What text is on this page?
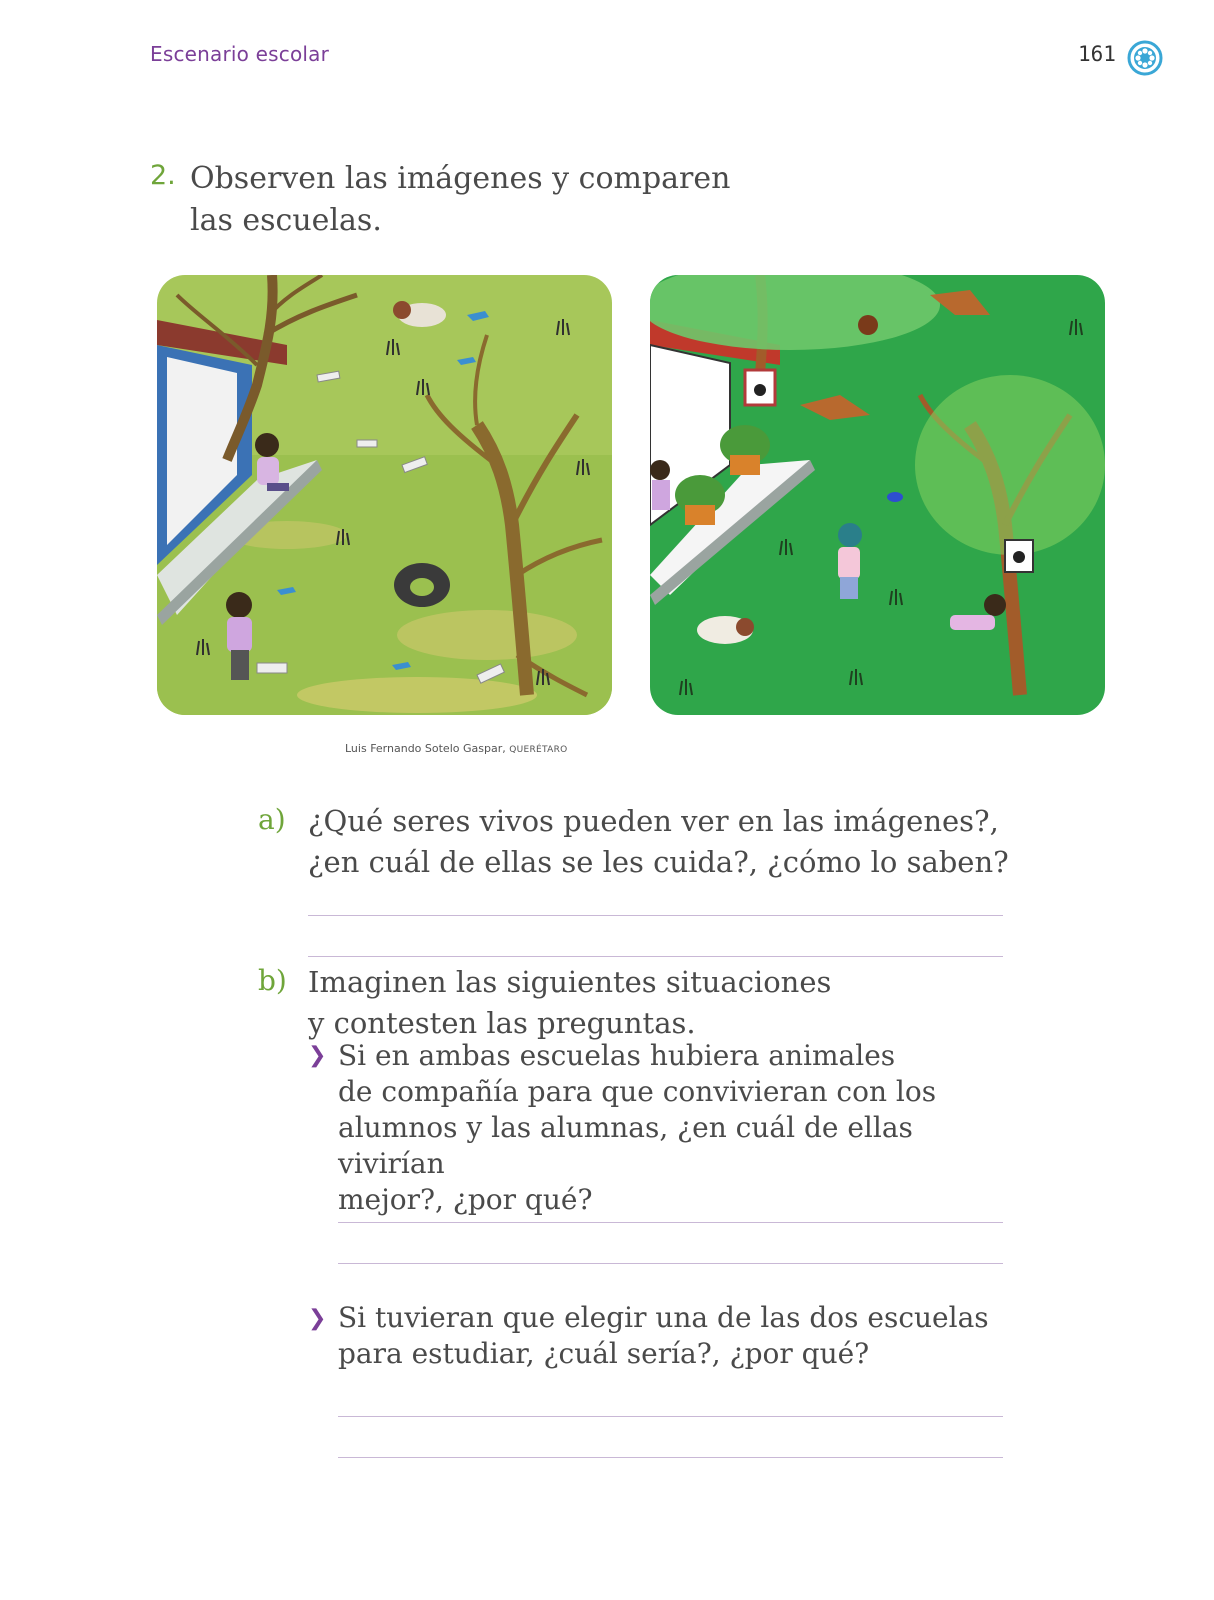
Escenario escolar	161
2. Observen las imágenes y comparen
las escuelas.
Luis Fernando Sotelo Gaspar, QUERÉTARO
a) ¿Qué seres vivos pueden ver en las imágenes?,
¿en cuál de ellas se les cuida?, ¿cómo lo saben?
b) Imaginen las siguientes situaciones
y contesten las preguntas.
❯ Si en ambas escuelas hubiera animales
de compañía para que convivieran con los
alumnos y las alumnas, ¿en cuál de ellas vivirían
mejor?, ¿por qué?
❯ Si tuvieran que elegir una de las dos escuelas
para estudiar, ¿cuál sería?, ¿por qué?
